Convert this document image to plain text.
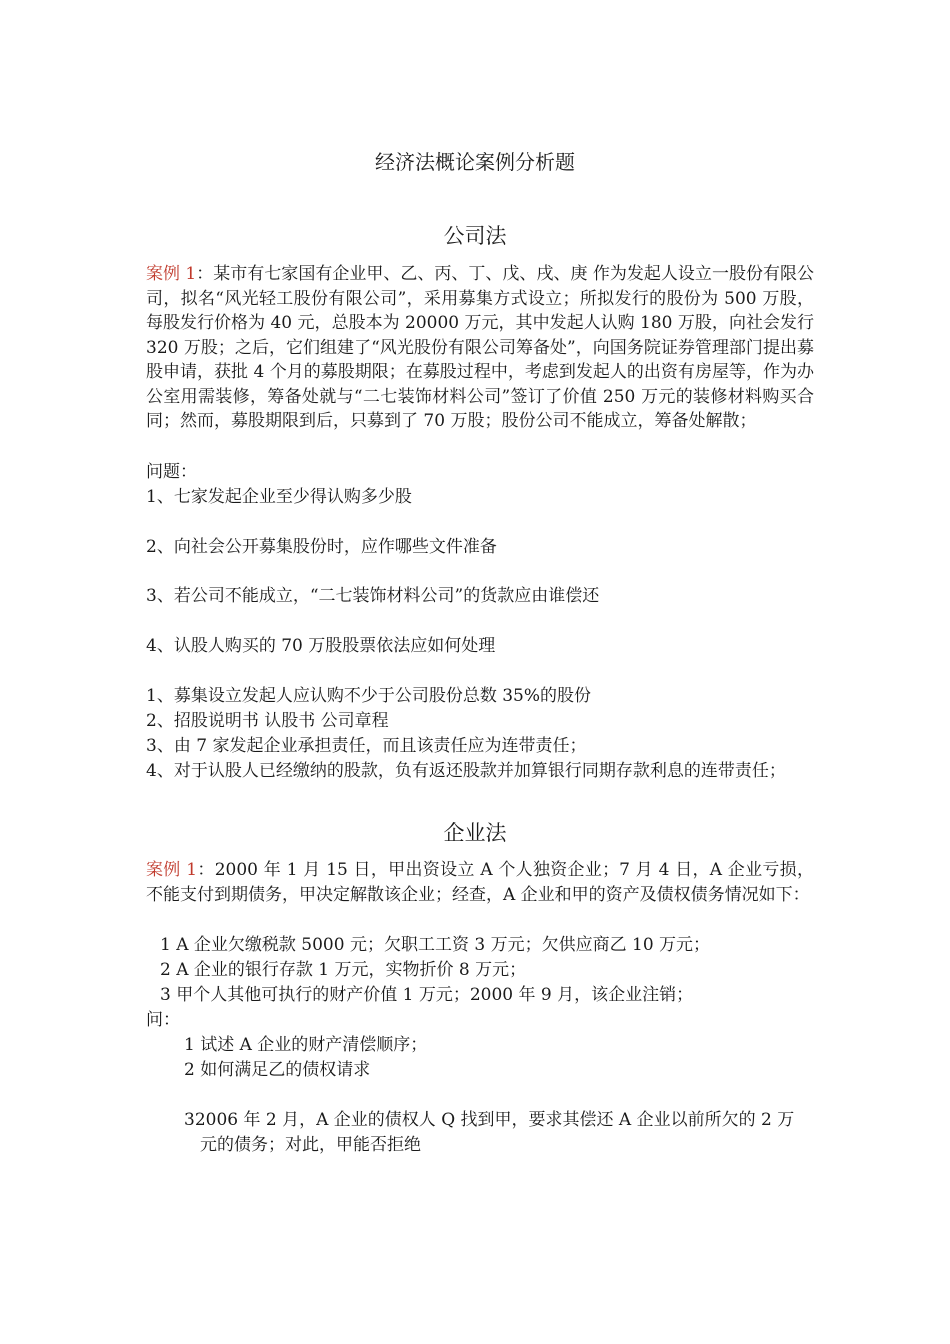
经济法概论案例分析题
公司法
案例 1：某市有七家国有企业甲、乙、丙、丁、戊、戌、庚 作为发起人设立一股份有限公司，拟名“风光轻工股份有限公司”，采用募集方式设立；所拟发行的股份为 500 万股，每股发行价格为 40 元，总股本为 20000 万元，其中发起人认购 180 万股，向社会发行 320 万股；之后，它们组建了“风光股份有限公司筹备处”，向国务院证券管理部门提出募股申请，获批 4 个月的募股期限；在募股过程中，考虑到发起人的出资有房屋等，作为办公室用需装修，筹备处就与“二七装饰材料公司”签订了价值 250 万元的装修材料购买合同；然而，募股期限到后，只募到了 70 万股；股份公司不能成立，筹备处解散；
问题：
1、七家发起企业至少得认购多少股
2、向社会公开募集股份时，应作哪些文件准备
3、若公司不能成立，“二七装饰材料公司”的货款应由谁偿还
4、认股人购买的 70 万股股票依法应如何处理
1、募集设立发起人应认购不少于公司股份总数 35%的股份
2、招股说明书 认股书 公司章程
3、由 7 家发起企业承担责任，而且该责任应为连带责任；
4、对于认股人已经缴纳的股款，负有返还股款并加算银行同期存款利息的连带责任；
企业法
案例 1：2000 年 1 月 15 日，甲出资设立 A 个人独资企业；7 月 4 日，A 企业亏损，不能支付到期债务，甲决定解散该企业；经查，A 企业和甲的资产及债权债务情况如下：
1 A 企业欠缴税款 5000 元；欠职工工资 3 万元；欠供应商乙 10 万元；
2 A 企业的银行存款 1 万元，实物折价 8 万元；
3 甲个人其他可执行的财产价值 1 万元；2000 年 9 月，该企业注销；
问：
1 试述 A 企业的财产清偿顺序；
2 如何满足乙的债权请求
32006 年 2 月，A 企业的债权人 Q 找到甲，要求其偿还 A 企业以前所欠的 2 万
元的债务；对此，甲能否拒绝
